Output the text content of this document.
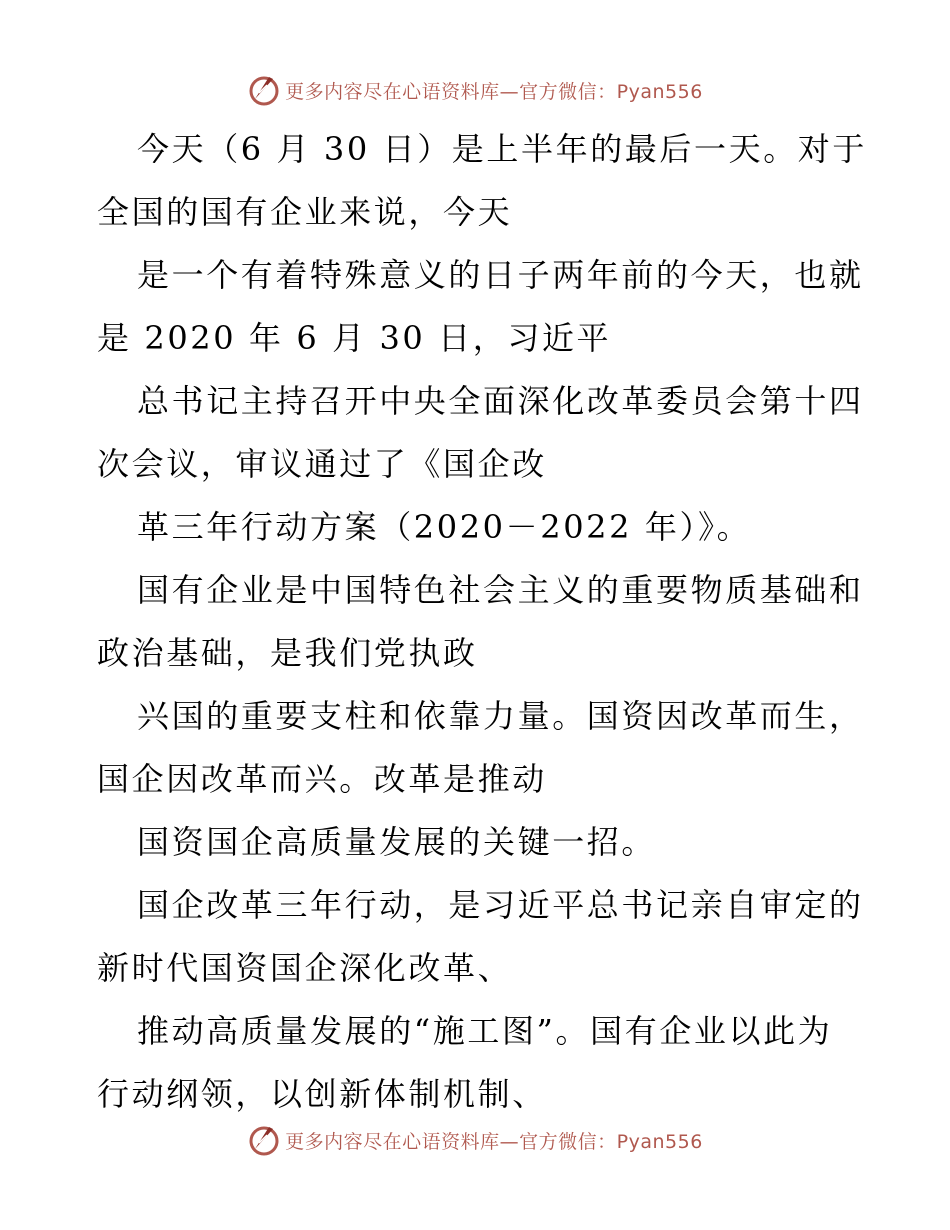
更多内容尽在心语资料库—官方微信：Pyan556

今天（6 月 30 日）是上半年的最后一天。对于
全国的国有企业来说，今天

是一个有着特殊意义的日子两年前的今天，也就
是 2020 年 6 月 30 日，习近平

总书记主持召开中央全面深化改革委员会第十四
次会议，审议通过了《国企改

革三年行动方案（2020－2022 年）》。

国有企业是中国特色社会主义的重要物质基础和
政治基础，是我们党执政

兴国的重要支柱和依靠力量。国资因改革而生，
国企因改革而兴。改革是推动

国资国企高质量发展的关键一招。

国企改革三年行动，是习近平总书记亲自审定的
新时代国资国企深化改革、

推动高质量发展的“施工图”。国有企业以此为
行动纲领，以创新体制机制、

更多内容尽在心语资料库—官方微信：Pyan556
